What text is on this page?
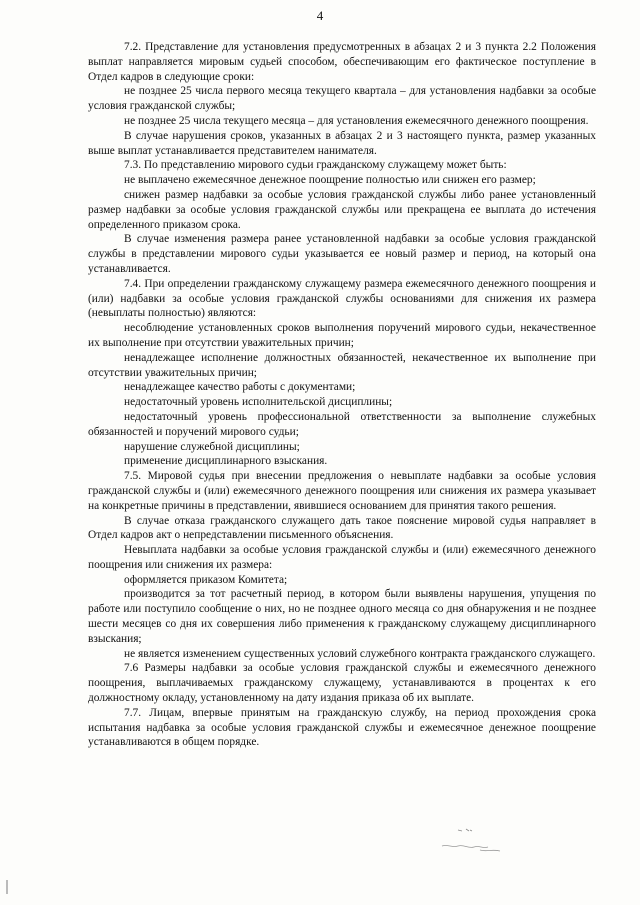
4

7.2. Представление для установления предусмотренных в абзацах 2 и 3 пункта 2.2 Положения выплат направляется мировым судьей способом, обеспечивающим его фактическое поступление в Отдел кадров в следующие сроки:

не позднее 25 числа первого месяца текущего квартала – для установления надбавки за особые условия гражданской службы;

не позднее 25 числа текущего месяца – для установления ежемесячного денежного поощрения.

В случае нарушения сроков, указанных в абзацах 2 и 3 настоящего пункта, размер указанных выше выплат устанавливается представителем нанимателя.

7.3. По представлению мирового судьи гражданскому служащему может быть:

не выплачено ежемесячное денежное поощрение полностью или снижен его размер;

снижен размер надбавки за особые условия гражданской службы либо ранее установленный размер надбавки за особые условия гражданской службы или прекращена ее выплата до истечения определенного приказом срока.

В случае изменения размера ранее установленной надбавки за особые условия гражданской службы в представлении мирового судьи указывается ее новый размер и период, на который она устанавливается.

7.4. При определении гражданскому служащему размера ежемесячного денежного поощрения и (или) надбавки за особые условия гражданской службы основаниями для снижения их размера (невыплаты полностью) являются:

несоблюдение установленных сроков выполнения поручений мирового судьи, некачественное их выполнение при отсутствии уважительных причин;

ненадлежащее исполнение должностных обязанностей, некачественное их выполнение при отсутствии уважительных причин;

ненадлежащее качество работы с документами;

недостаточный уровень исполнительской дисциплины;

недостаточный уровень профессиональной ответственности за выполнение служебных обязанностей и поручений мирового судьи;

нарушение служебной дисциплины;

применение дисциплинарного взыскания.

7.5. Мировой судья при внесении предложения о невыплате надбавки за особые условия гражданской службы и (или) ежемесячного денежного поощрения или снижения их размера указывает на конкретные причины в представлении, явившиеся основанием для принятия такого решения.

В случае отказа гражданского служащего дать такое пояснение мировой судья направляет в Отдел кадров акт о непредставлении письменного объяснения.

Невыплата надбавки за особые условия гражданской службы и (или) ежемесячного денежного поощрения или снижения их размера:

оформляется приказом Комитета;

производится за тот расчетный период, в котором были выявлены нарушения, упущения по работе или поступило сообщение о них, но не позднее одного месяца со дня обнаружения и не позднее шести месяцев со дня их совершения либо применения к гражданскому служащему дисциплинарного взыскания;

не является изменением существенных условий служебного контракта гражданского служащего.

7.6 Размеры надбавки за особые условия гражданской службы и ежемесячного денежного поощрения, выплачиваемых гражданскому служащему, устанавливаются в процентах к его должностному окладу, установленному на дату издания приказа об их выплате.

7.7. Лицам, впервые принятым на гражданскую службу, на период прохождения срока испытания надбавка за особые условия гражданской службы и ежемесячное денежное поощрение устанавливаются в общем порядке.
